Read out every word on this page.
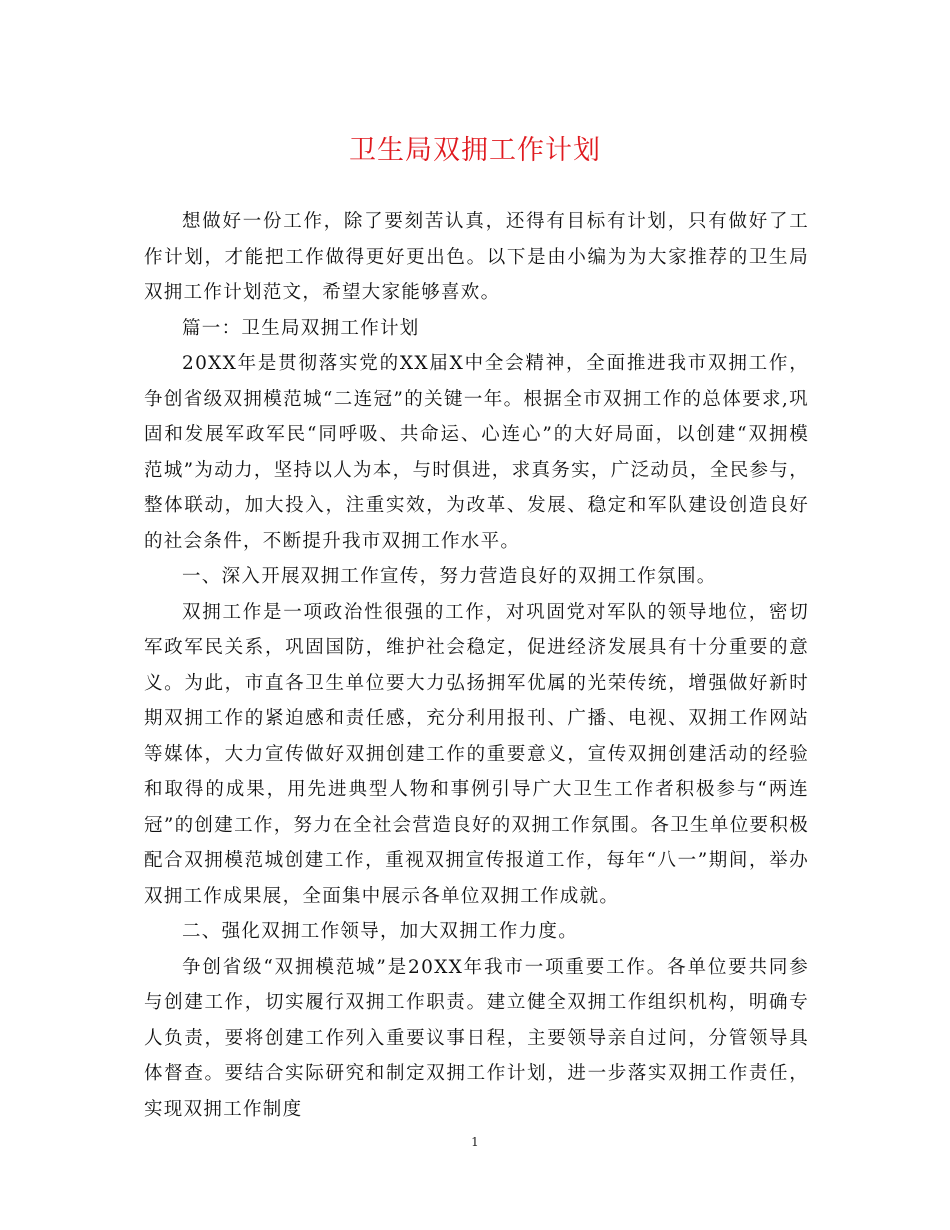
卫生局双拥工作计划

想做好一份工作，除了要刻苦认真，还得有目标有计划，只有做好了工作计划，才能把工作做得更好更出色。以下是由小编为为大家推荐的卫生局双拥工作计划范文，希望大家能够喜欢。

篇一：卫生局双拥工作计划

20XX年是贯彻落实党的XX届X中全会精神，全面推进我市双拥工作，争创省级双拥模范城“二连冠”的关键一年。根据全市双拥工作的总体要求,巩固和发展军政军民“同呼吸、共命运、心连心”的大好局面，以创建“双拥模范城”为动力，坚持以人为本，与时俱进，求真务实，广泛动员，全民参与，整体联动，加大投入，注重实效，为改革、发展、稳定和军队建设创造良好的社会条件，不断提升我市双拥工作水平。

一、深入开展双拥工作宣传，努力营造良好的双拥工作氛围。

双拥工作是一项政治性很强的工作，对巩固党对军队的领导地位，密切军政军民关系，巩固国防，维护社会稳定，促进经济发展具有十分重要的意义。为此，市直各卫生单位要大力弘扬拥军优属的光荣传统，增强做好新时期双拥工作的紧迫感和责任感，充分利用报刊、广播、电视、双拥工作网站等媒体，大力宣传做好双拥创建工作的重要意义，宣传双拥创建活动的经验和取得的成果，用先进典型人物和事例引导广大卫生工作者积极参与“两连冠”的创建工作，努力在全社会营造良好的双拥工作氛围。各卫生单位要积极配合双拥模范城创建工作，重视双拥宣传报道工作，每年“八一”期间，举办双拥工作成果展，全面集中展示各单位双拥工作成就。

二、强化双拥工作领导，加大双拥工作力度。

争创省级“双拥模范城”是20XX年我市一项重要工作。各单位要共同参与创建工作，切实履行双拥工作职责。建立健全双拥工作组织机构，明确专人负责，要将创建工作列入重要议事日程，主要领导亲自过问，分管领导具体督查。要结合实际研究和制定双拥工作计划，进一步落实双拥工作责任，实现双拥工作制度

1
